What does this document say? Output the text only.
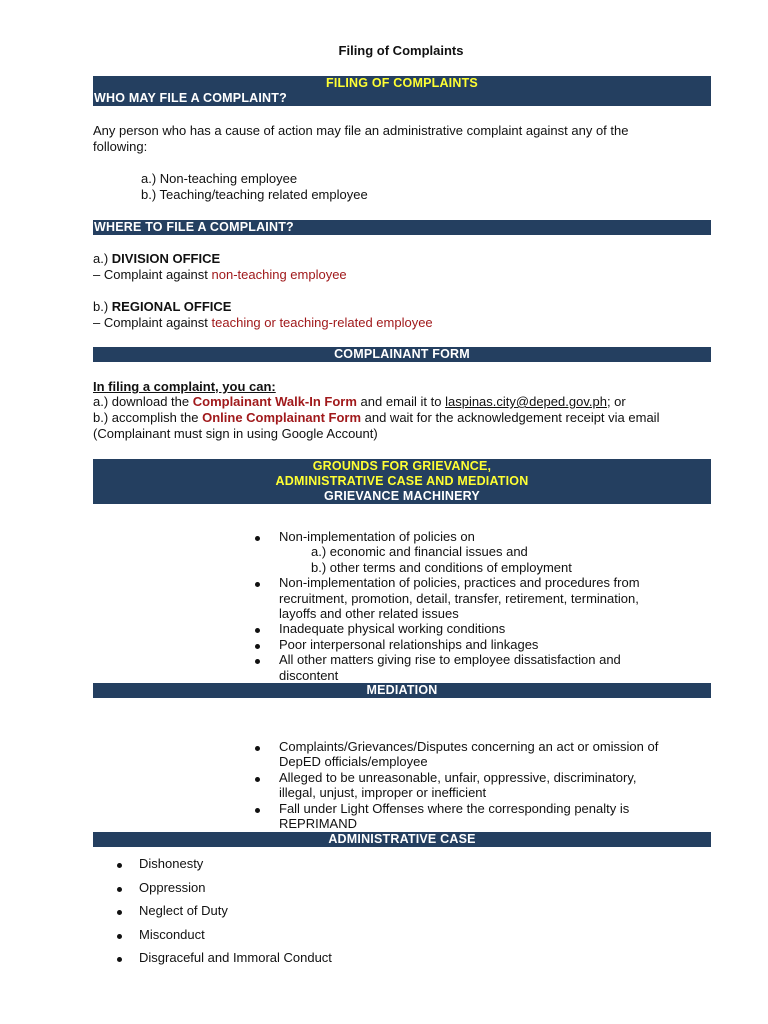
Filing of Complaints
FILING OF COMPLAINTS
WHO MAY FILE A COMPLAINT?
Any person who has a cause of action may file an administrative complaint against any of the
following:
a.) Non-teaching employee
b.) Teaching/teaching related employee
WHERE TO FILE A COMPLAINT?
a.) DIVISION OFFICE
– Complaint against non-teaching employee
b.) REGIONAL OFFICE
– Complaint against teaching or teaching-related employee
COMPLAINANT FORM
In filing a complaint, you can:
a.) download the Complainant Walk-In Form and email it to laspinas.city@deped.gov.ph; or
b.) accomplish the Online Complainant Form and wait for the acknowledgement receipt via email
(Complainant must sign in using Google Account)
GROUNDS FOR GRIEVANCE,
ADMINISTRATIVE CASE AND MEDIATION
GRIEVANCE MACHINERY
Non-implementation of policies on
a.) economic and financial issues and
b.) other terms and conditions of employment
Non-implementation of policies, practices and procedures from
recruitment, promotion, detail, transfer, retirement, termination,
layoffs and other related issues
Inadequate physical working conditions
Poor interpersonal relationships and linkages
All other matters giving rise to employee dissatisfaction and
discontent
MEDIATION
Complaints/Grievances/Disputes concerning an act or omission of
DepED officials/employee
Alleged to be unreasonable, unfair, oppressive, discriminatory,
illegal, unjust, improper or inefficient
Fall under Light Offenses where the corresponding penalty is
REPRIMAND
ADMINISTRATIVE CASE
Dishonesty
Oppression
Neglect of Duty
Misconduct
Disgraceful and Immoral Conduct
